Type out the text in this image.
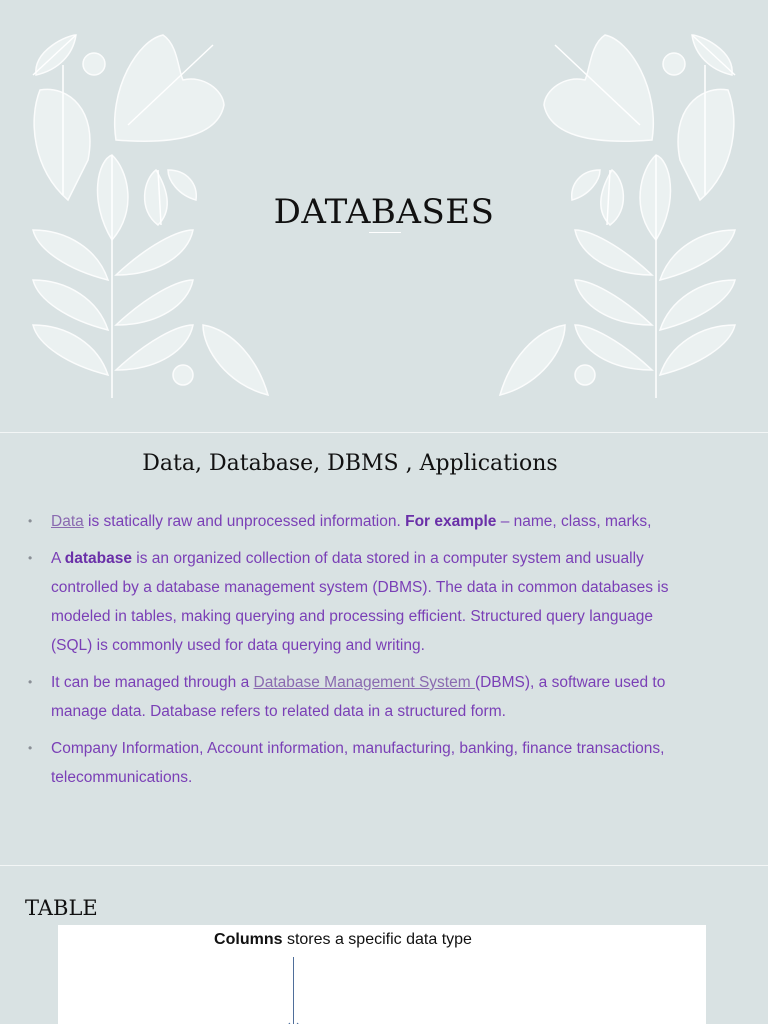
DATABASES
Data, Database, DBMS , Applications
• Data is statically raw and unprocessed information. For example – name, class, marks,
• A database is an organized collection of data stored in a computer system and usually controlled by a database management system (DBMS). The data in common databases is modeled in tables, making querying and processing efficient. Structured query language (SQL) is commonly used for data querying and writing.
• It can be managed through a Database Management System (DBMS), a software used to manage data. Database refers to related data in a structured form.
• Company Information, Account information, manufacturing, banking, finance transactions, telecommunications.
TABLE
Columns stores a specific data type
